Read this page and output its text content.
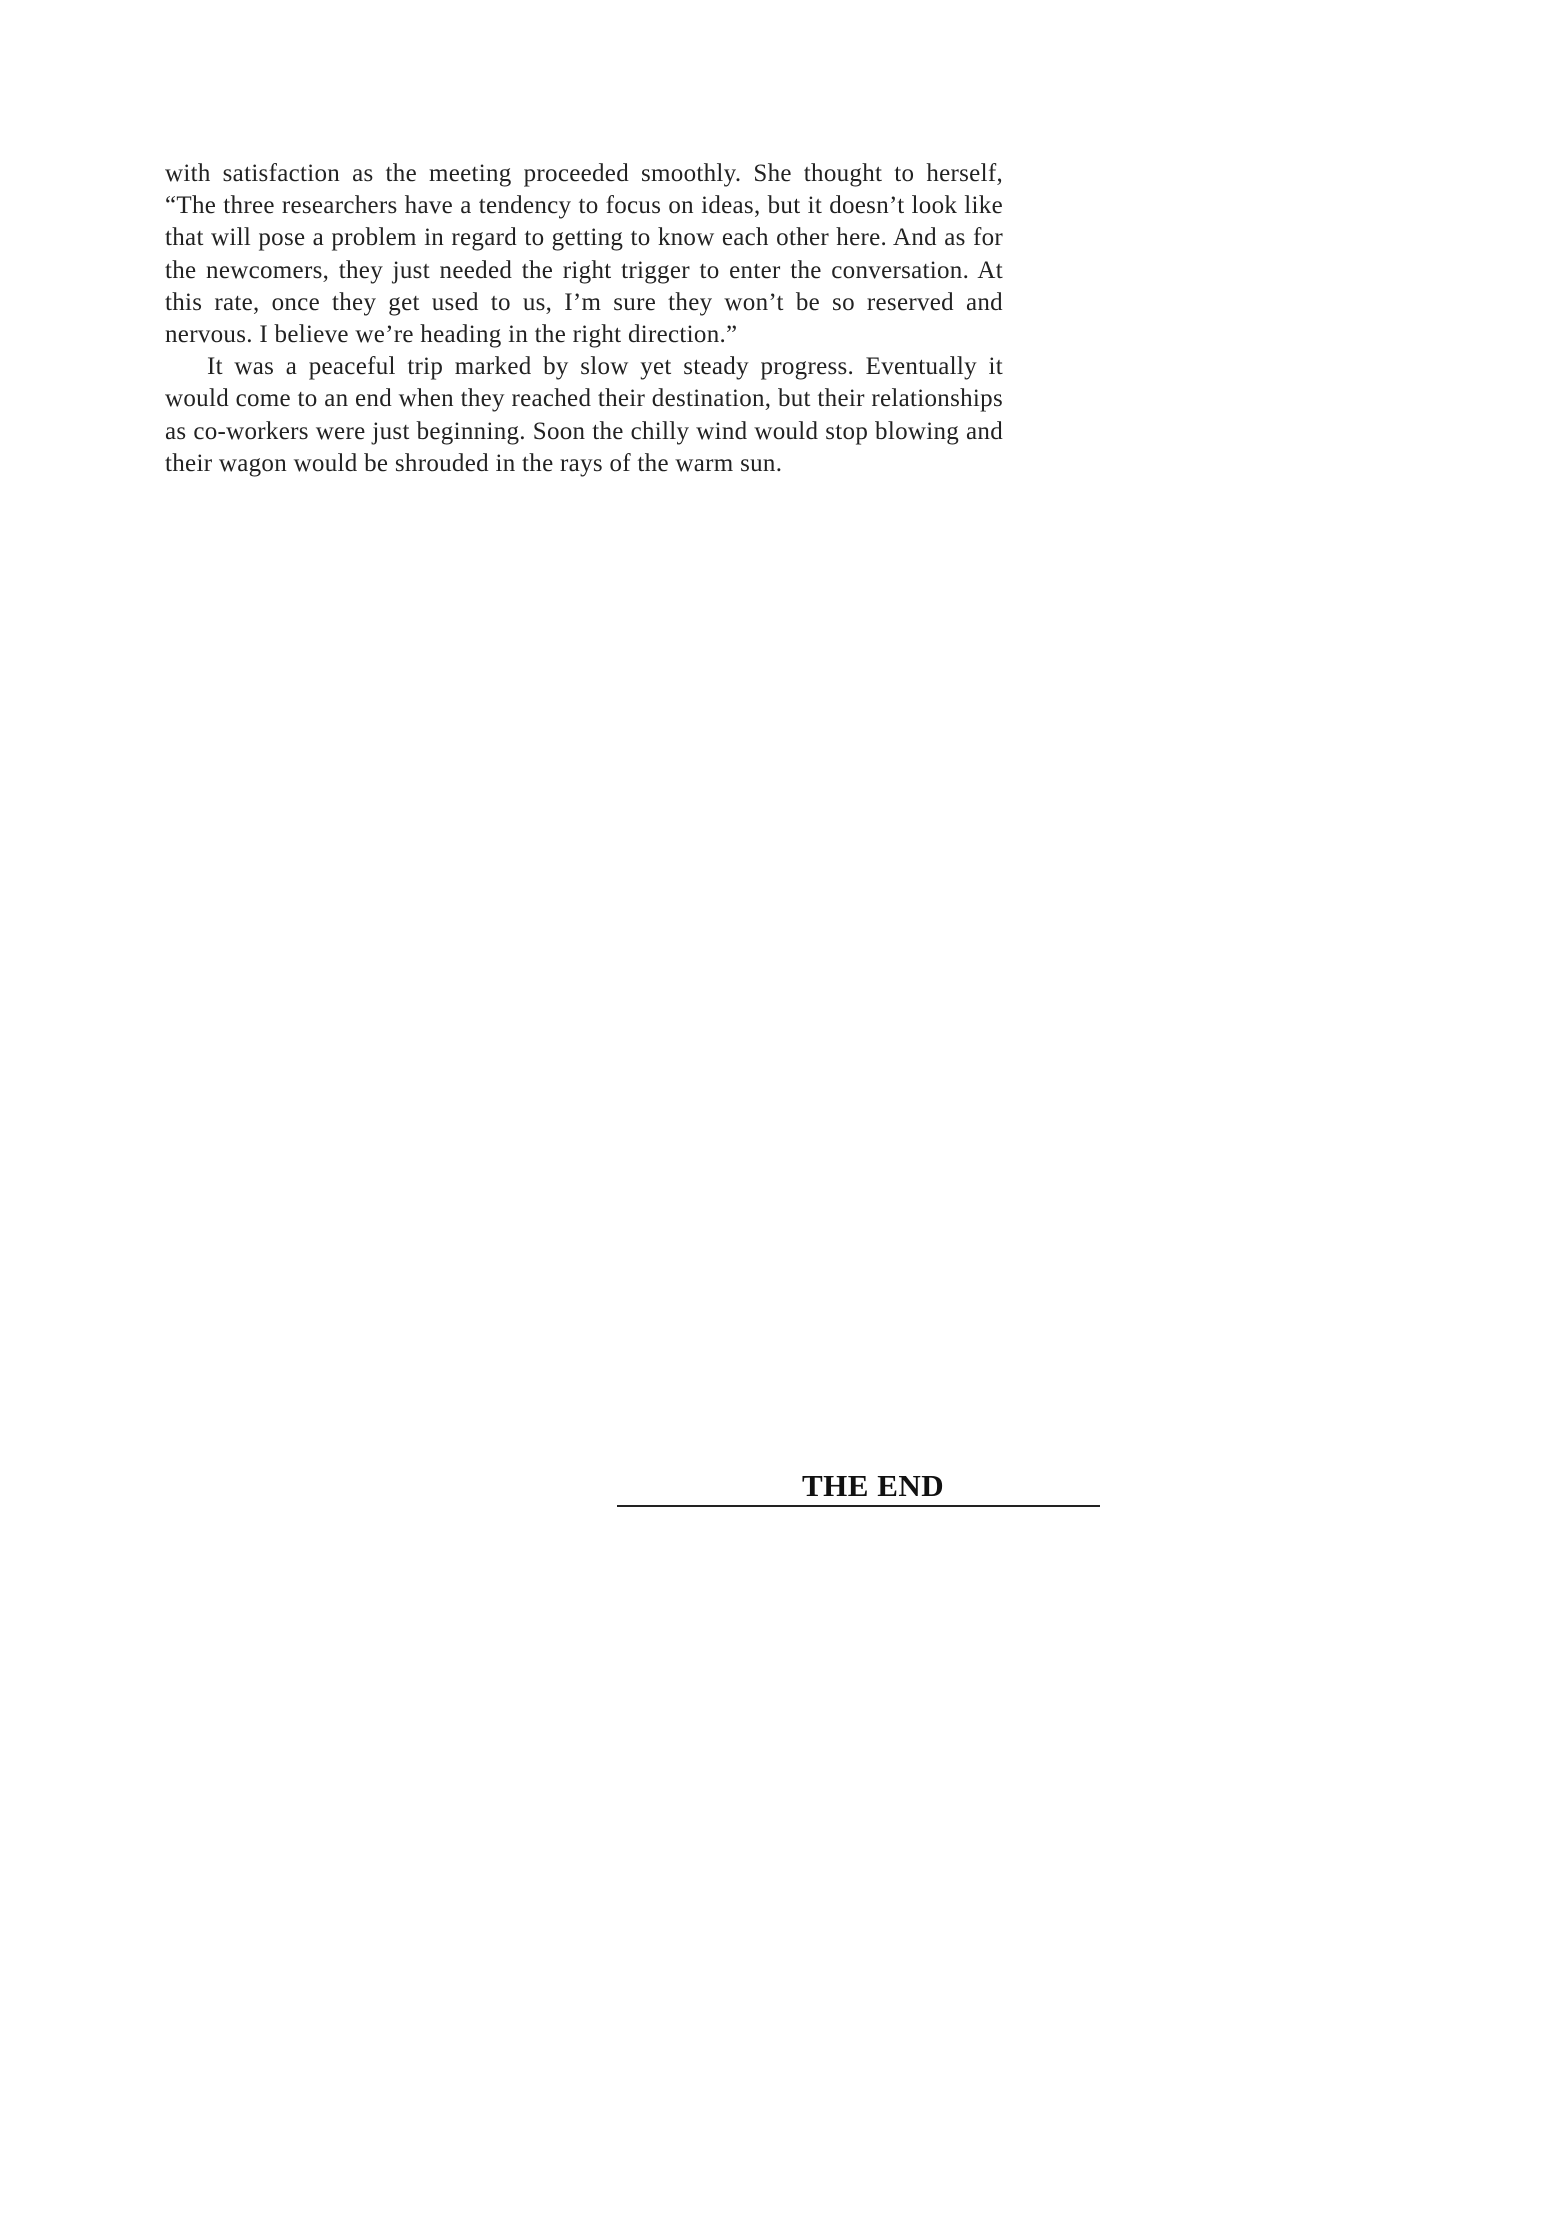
with satisfaction as the meeting proceeded smoothly. She thought to herself, “The three researchers have a tendency to focus on ideas, but it doesn’t look like that will pose a problem in regard to getting to know each other here. And as for the newcomers, they just needed the right trigger to enter the conversation. At this rate, once they get used to us, I’m sure they won’t be so reserved and nervous. I believe we’re heading in the right direction.”

It was a peaceful trip marked by slow yet steady progress. Eventually it would come to an end when they reached their destination, but their relationships as co-workers were just beginning. Soon the chilly wind would stop blowing and their wagon would be shrouded in the rays of the warm sun.

THE END
